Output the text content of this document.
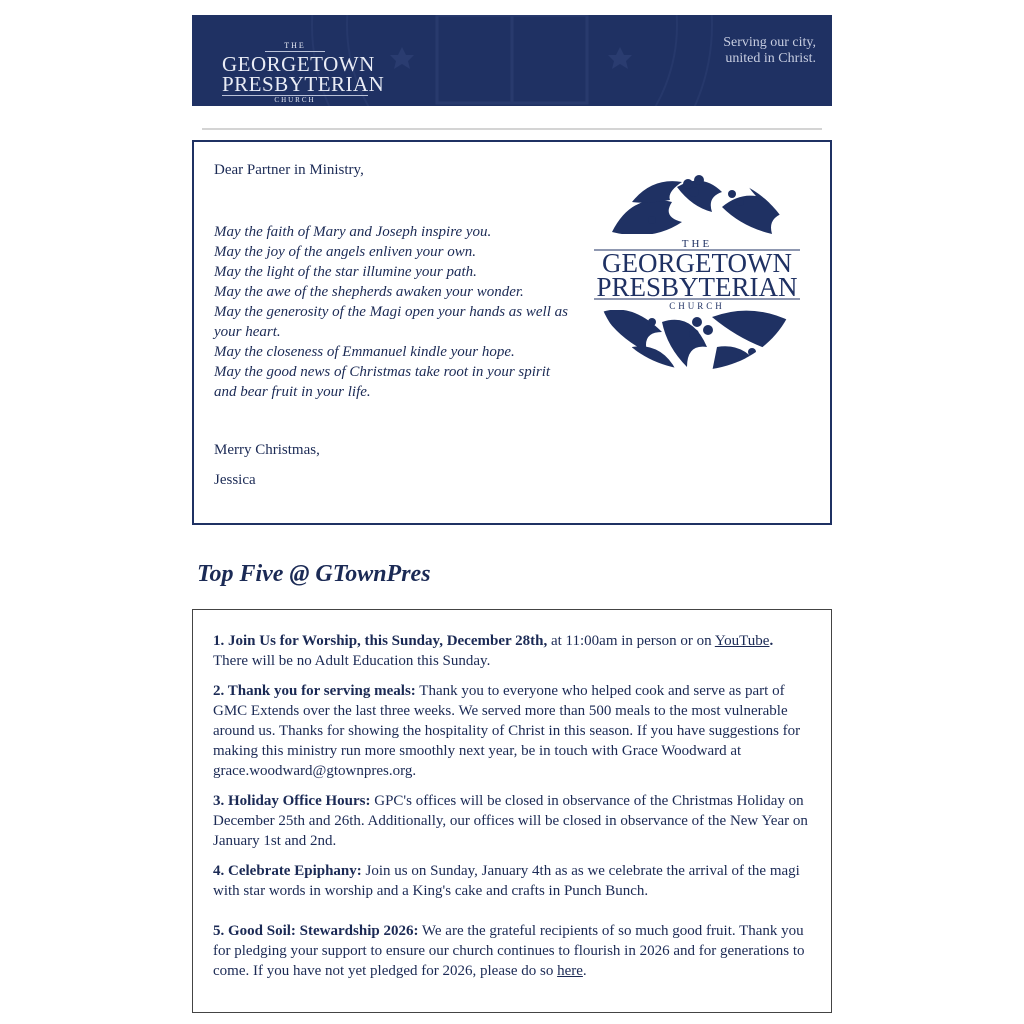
THE
GEORGETOWN
PRESBYTERIAN
CHURCH
Serving our city,
united in Christ.
Dear Partner in Ministry,
May the faith of Mary and Joseph inspire you.
May the joy of the angels enliven your own.
May the light of the star illumine your path.
May the awe of the shepherds awaken your wonder.
May the generosity of the Magi open your hands as well as your heart.
May the closeness of Emmanuel kindle your hope.
May the good news of Christmas take root in your spirit and bear fruit in your life.
Merry Christmas,
Jessica
THE
GEORGETOWN
PRESBYTERIAN
CHURCH
Top Five @ GTownPres
1. Join Us for Worship, this Sunday, December 28th, at 11:00am in person or on YouTube. There will be no Adult Education this Sunday.
2. Thank you for serving meals: Thank you to everyone who helped cook and serve as part of GMC Extends over the last three weeks. We served more than 500 meals to the most vulnerable around us. Thanks for showing the hospitality of Christ in this season. If you have suggestions for making this ministry run more smoothly next year, be in touch with Grace Woodward at grace.woodward@gtownpres.org.
3. Holiday Office Hours: GPC's offices will be closed in observance of the Christmas Holiday on December 25th and 26th. Additionally, our offices will be closed in observance of the New Year on January 1st and 2nd.
4. Celebrate Epiphany: Join us on Sunday, January 4th as as we celebrate the arrival of the magi with star words in worship and a King's cake and crafts in Punch Bunch.
5. Good Soil: Stewardship 2026: We are the grateful recipients of so much good fruit. Thank you for pledging your support to ensure our church continues to flourish in 2026 and for generations to come. If you have not yet pledged for 2026, please do so here.
